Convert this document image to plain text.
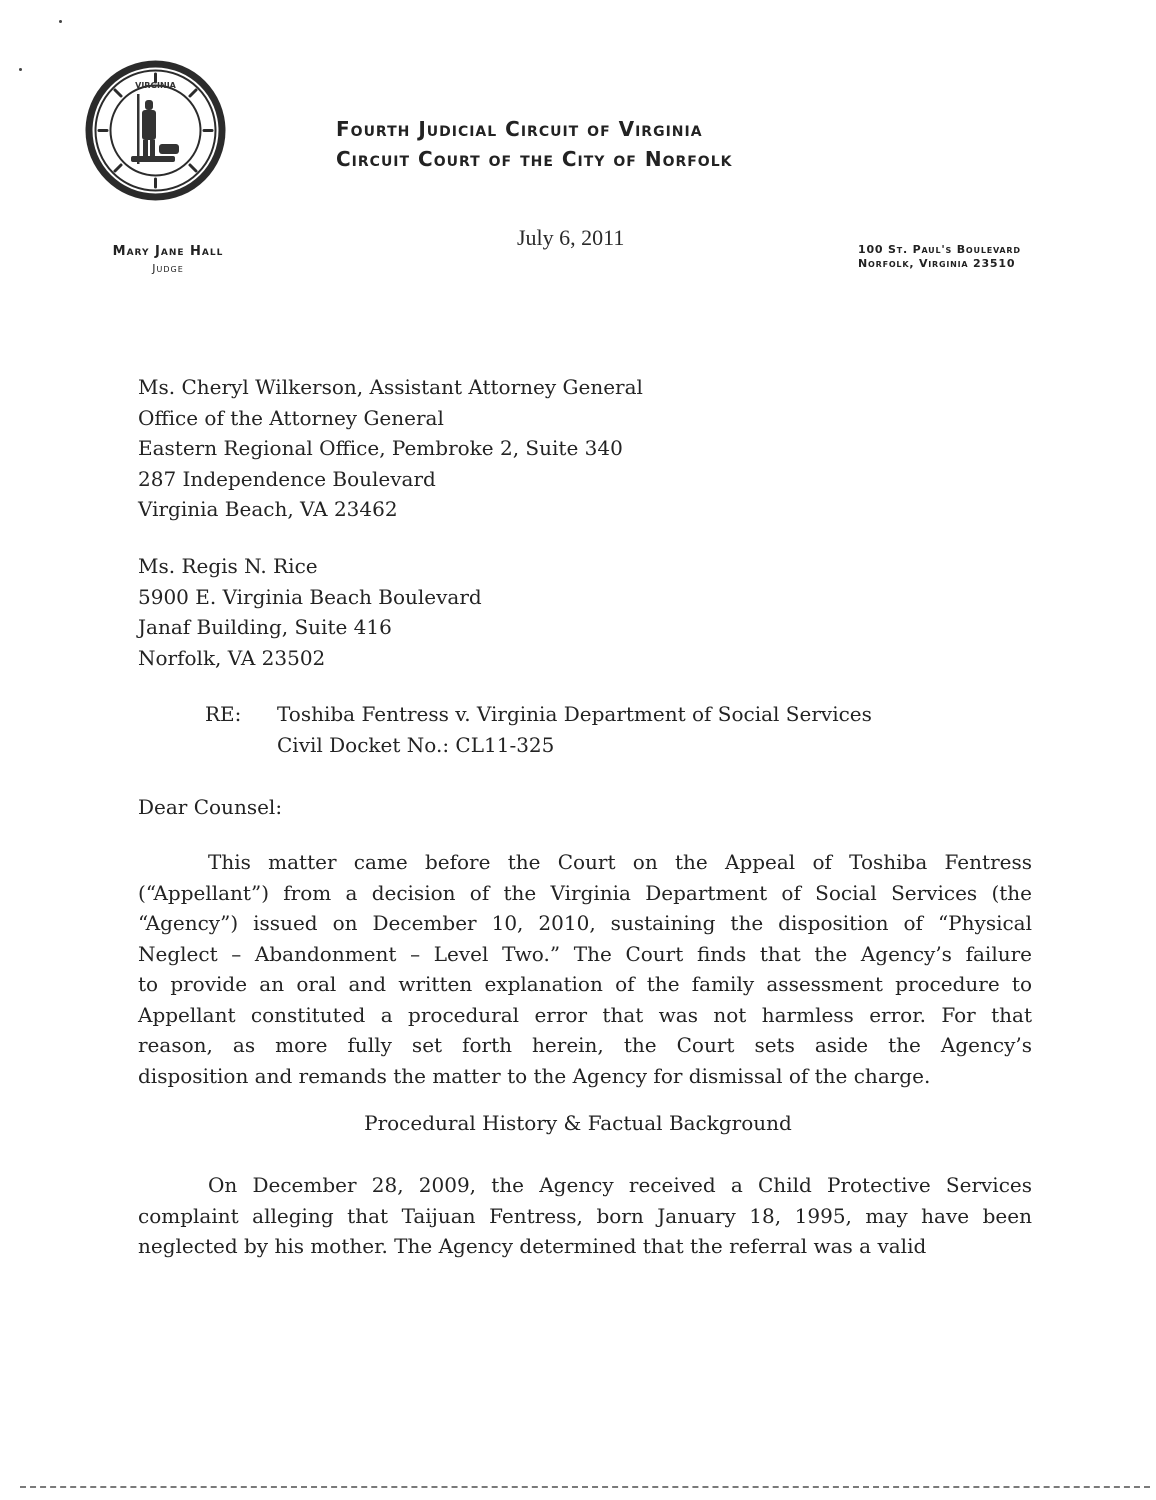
VIRGINIA
Fourth Judicial Circuit of Virginia
Circuit Court of the City of Norfolk
Mary Jane Hall
Judge
July 6, 2011	100 St. Paul's Boulevard
Norfolk, Virginia 23510
Ms. Cheryl Wilkerson, Assistant Attorney General
Office of the Attorney General
Eastern Regional Office, Pembroke 2, Suite 340
287 Independence Boulevard
Virginia Beach, VA 23462
Ms. Regis N. Rice
5900 E. Virginia Beach Boulevard
Janaf Building, Suite 416
Norfolk, VA 23502
RE: Toshiba Fentress v. Virginia Department of Social Services
Civil Docket No.: CL11-325
Dear Counsel:
This matter came before the Court on the Appeal of Toshiba Fentress
(“Appellant”) from a decision of the Virginia Department of Social Services (the
“Agency”) issued on December 10, 2010, sustaining the disposition of “Physical
Neglect – Abandonment – Level Two.” The Court finds that the Agency’s failure
to provide an oral and written explanation of the family assessment procedure to
Appellant constituted a procedural error that was not harmless error. For that
reason, as more fully set forth herein, the Court sets aside the Agency’s
disposition and remands the matter to the Agency for dismissal of the charge.
Procedural History & Factual Background
On December 28, 2009, the Agency received a Child Protective Services
complaint alleging that Taijuan Fentress, born January 18, 1995, may have been
neglected by his mother. The Agency determined that the referral was a valid
